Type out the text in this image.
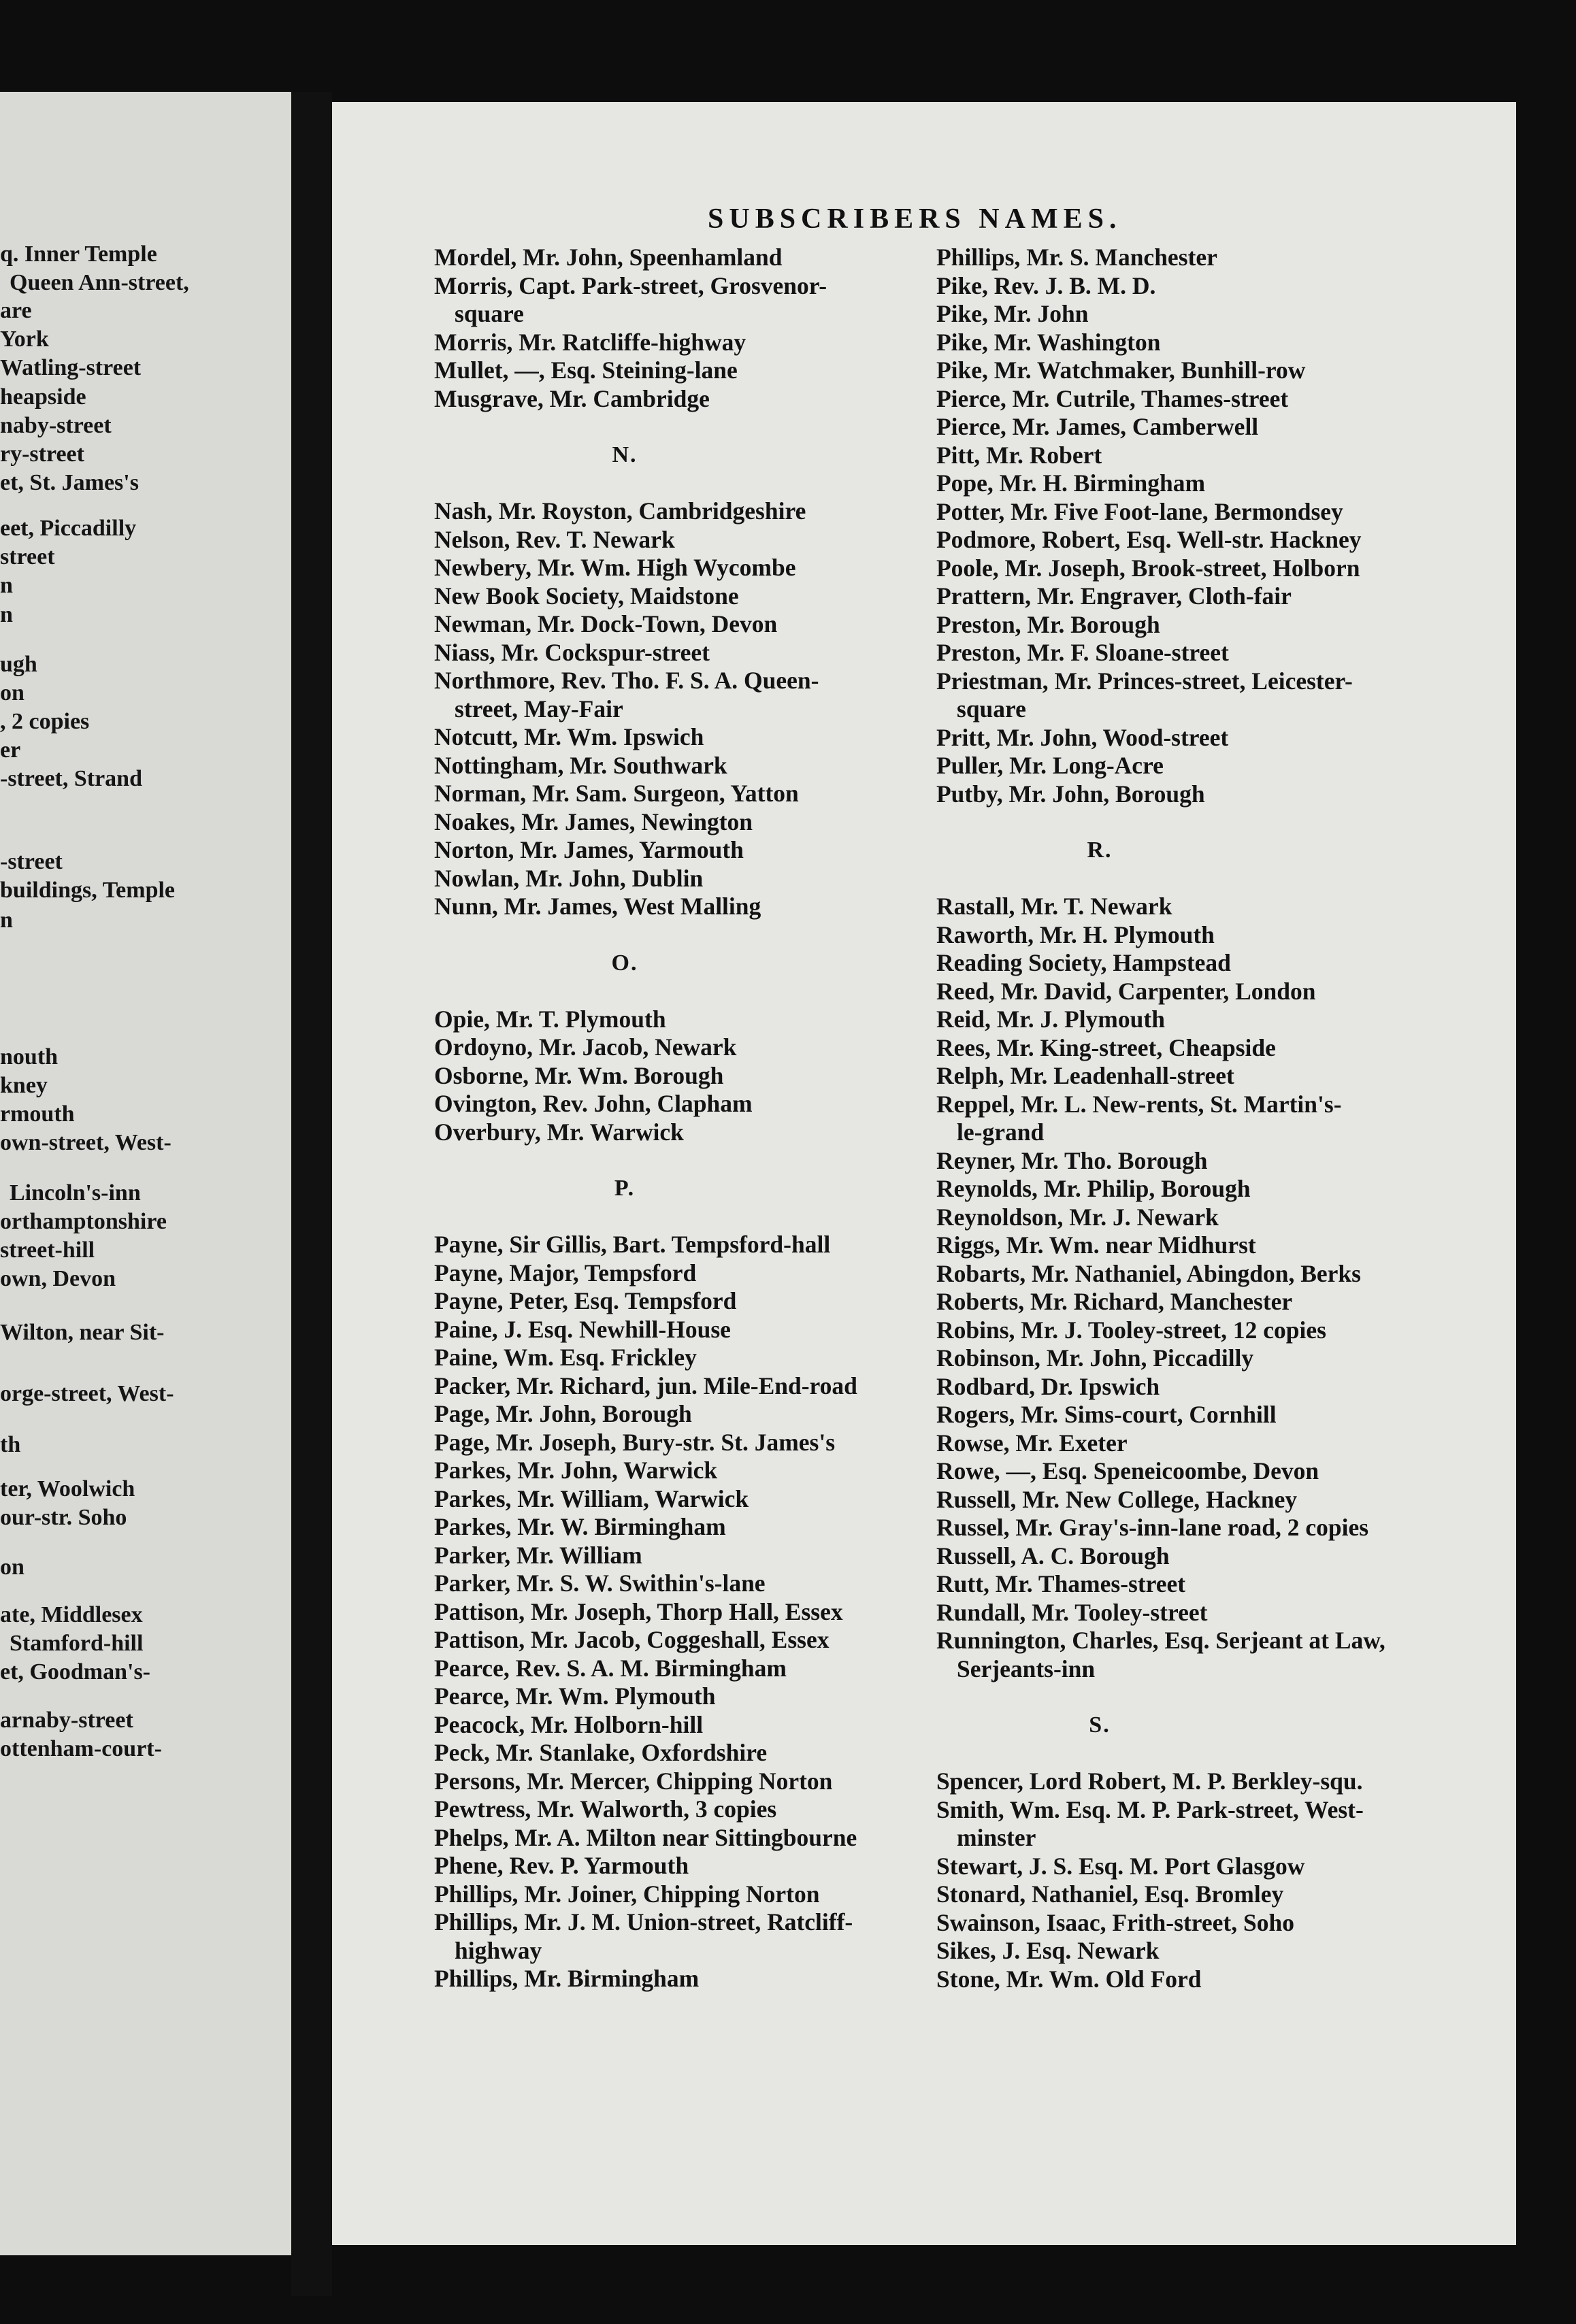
q. Inner Temple
Queen Ann-street,
are
York
Watling-street
heapside
naby-street
ry-street
et, St. James's
eet, Piccadilly
street
n
n
ugh
on
, 2 copies
er
-street, Strand
-street
buildings, Temple
n
nouth
kney
rmouth
own-street, West-
Lincoln's-inn
orthamptonshire
street-hill
own, Devon
Wilton, near Sit-
orge-street, West-
th
ter, Woolwich
our-str. Soho
on
ate, Middlesex
Stamford-hill
et, Goodman's-
arnaby-street
ottenham-court-
SUBSCRIBERS NAMES.
Mordel, Mr. John, Speenhamland
Morris, Capt. Park-street, Grosvenor-
square
Morris, Mr. Ratcliffe-highway
Mullet, —, Esq. Steining-lane
Musgrave, Mr. Cambridge
N.
Nash, Mr. Royston, Cambridgeshire
Nelson, Rev. T. Newark
Newbery, Mr. Wm. High Wycombe
New Book Society, Maidstone
Newman, Mr. Dock-Town, Devon
Niass, Mr. Cockspur-street
Northmore, Rev. Tho. F. S. A. Queen-
street, May-Fair
Notcutt, Mr. Wm. Ipswich
Nottingham, Mr. Southwark
Norman, Mr. Sam. Surgeon, Yatton
Noakes, Mr. James, Newington
Norton, Mr. James, Yarmouth
Nowlan, Mr. John, Dublin
Nunn, Mr. James, West Malling
O.
Opie, Mr. T. Plymouth
Ordoyno, Mr. Jacob, Newark
Osborne, Mr. Wm. Borough
Ovington, Rev. John, Clapham
Overbury, Mr. Warwick
P.
Payne, Sir Gillis, Bart. Tempsford-hall
Payne, Major, Tempsford
Payne, Peter, Esq. Tempsford
Paine, J. Esq. Newhill-House
Paine, Wm. Esq. Frickley
Packer, Mr. Richard, jun. Mile-End-road
Page, Mr. John, Borough
Page, Mr. Joseph, Bury-str. St. James's
Parkes, Mr. John, Warwick
Parkes, Mr. William, Warwick
Parkes, Mr. W. Birmingham
Parker, Mr. William
Parker, Mr. S. W. Swithin's-lane
Pattison, Mr. Joseph, Thorp Hall, Essex
Pattison, Mr. Jacob, Coggeshall, Essex
Pearce, Rev. S. A. M. Birmingham
Pearce, Mr. Wm. Plymouth
Peacock, Mr. Holborn-hill
Peck, Mr. Stanlake, Oxfordshire
Persons, Mr. Mercer, Chipping Norton
Pewtress, Mr. Walworth, 3 copies
Phelps, Mr. A. Milton near Sittingbourne
Phene, Rev. P. Yarmouth
Phillips, Mr. Joiner, Chipping Norton
Phillips, Mr. J. M. Union-street, Ratcliff-
highway
Phillips, Mr. Birmingham
Phillips, Mr. S. Manchester
Pike, Rev. J. B. M. D.
Pike, Mr. John
Pike, Mr. Washington
Pike, Mr. Watchmaker, Bunhill-row
Pierce, Mr. Cutrile, Thames-street
Pierce, Mr. James, Camberwell
Pitt, Mr. Robert
Pope, Mr. H. Birmingham
Potter, Mr. Five Foot-lane, Bermondsey
Podmore, Robert, Esq. Well-str. Hackney
Poole, Mr. Joseph, Brook-street, Holborn
Prattern, Mr. Engraver, Cloth-fair
Preston, Mr. Borough
Preston, Mr. F. Sloane-street
Priestman, Mr. Princes-street, Leicester-
square
Pritt, Mr. John, Wood-street
Puller, Mr. Long-Acre
Putby, Mr. John, Borough
R.
Rastall, Mr. T. Newark
Raworth, Mr. H. Plymouth
Reading Society, Hampstead
Reed, Mr. David, Carpenter, London
Reid, Mr. J. Plymouth
Rees, Mr. King-street, Cheapside
Relph, Mr. Leadenhall-street
Reppel, Mr. L. New-rents, St. Martin's-
le-grand
Reyner, Mr. Tho. Borough
Reynolds, Mr. Philip, Borough
Reynoldson, Mr. J. Newark
Riggs, Mr. Wm. near Midhurst
Robarts, Mr. Nathaniel, Abingdon, Berks
Roberts, Mr. Richard, Manchester
Robins, Mr. J. Tooley-street, 12 copies
Robinson, Mr. John, Piccadilly
Rodbard, Dr. Ipswich
Rogers, Mr. Sims-court, Cornhill
Rowse, Mr. Exeter
Rowe, —, Esq. Speneicoombe, Devon
Russell, Mr. New College, Hackney
Russel, Mr. Gray's-inn-lane road, 2 copies
Russell, A. C. Borough
Rutt, Mr. Thames-street
Rundall, Mr. Tooley-street
Runnington, Charles, Esq. Serjeant at Law,
Serjeants-inn
S.
Spencer, Lord Robert, M. P. Berkley-squ.
Smith, Wm. Esq. M. P. Park-street, West-
minster
Stewart, J. S. Esq. M. Port Glasgow
Stonard, Nathaniel, Esq. Bromley
Swainson, Isaac, Frith-street, Soho
Sikes, J. Esq. Newark
Stone, Mr. Wm. Old Ford
